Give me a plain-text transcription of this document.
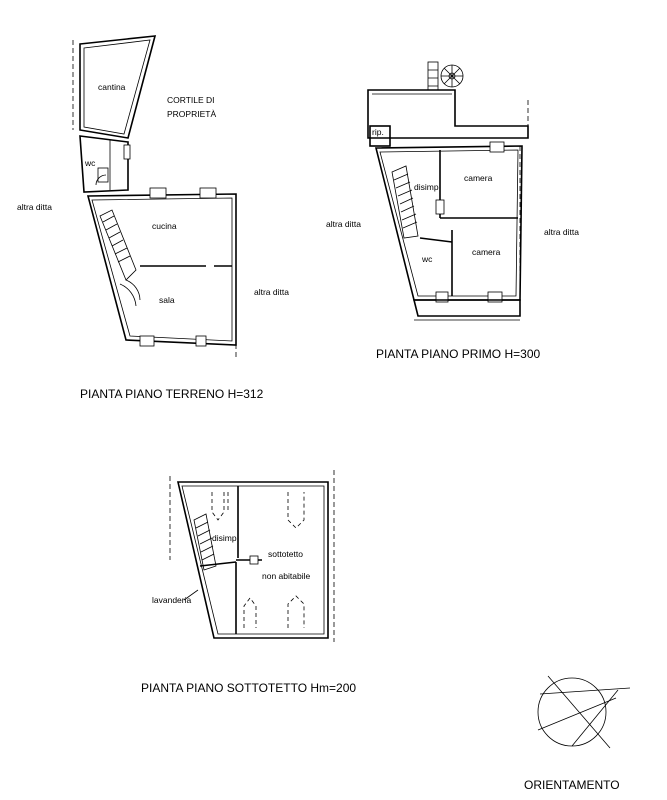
cantina
CORTILE DI
PROPRIETÀ
wc
cucina
sala
altra ditta
altra ditta
rip.
disimp
camera
camera
wc
altra ditta
altra ditta
disimp
sottotetto
non abitabile
lavanderia
PIANTA PIANO TERRENO H=312
PIANTA PIANO PRIMO H=300
PIANTA PIANO SOTTOTETTO Hm=200
ORIENTAMENTO
